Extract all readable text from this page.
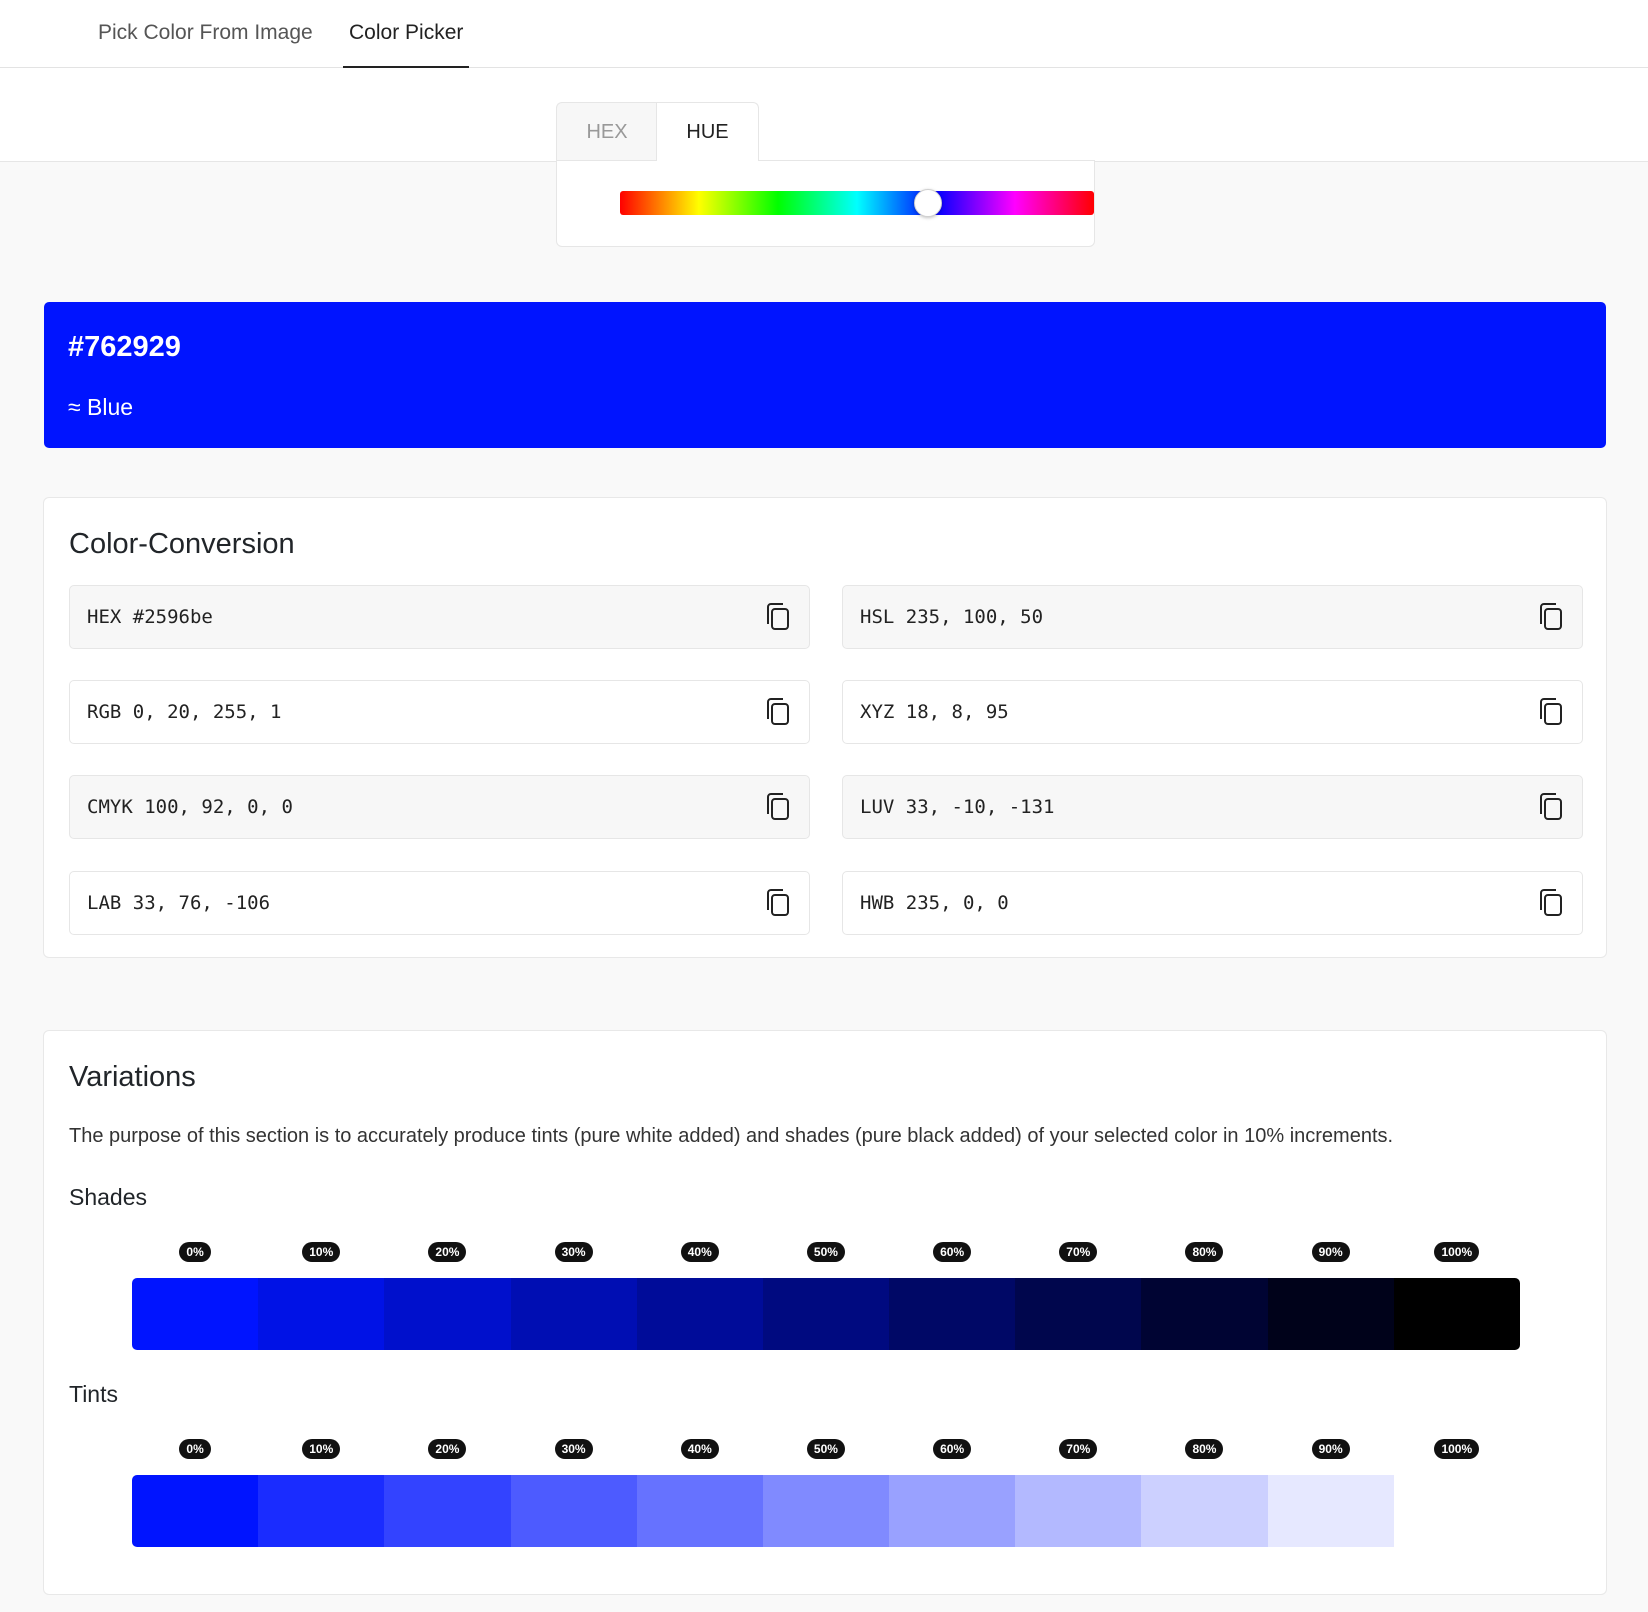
Pick Color From Image Color Picker
HEX	HUE
#762929
≈ Blue
Color-Conversion
HEX #2596be	HSL 235, 100, 50
RGB 0, 20, 255, 1	XYZ 18, 8, 95
CMYK 100, 92, 0, 0	LUV 33, -10, -131
LAB 33, 76, -106	HWB 235, 0, 0
Variations
The purpose of this section is to accurately produce tints (pure white added) and shades (pure black added) of your selected color in 10% increments.
Shades
0%	10%	20%	30%	40%	50%	60%	70%	80%	90%	100%
Tints
0%	10%	20%	30%	40%	50%	60%	70%	80%	90%	100%
